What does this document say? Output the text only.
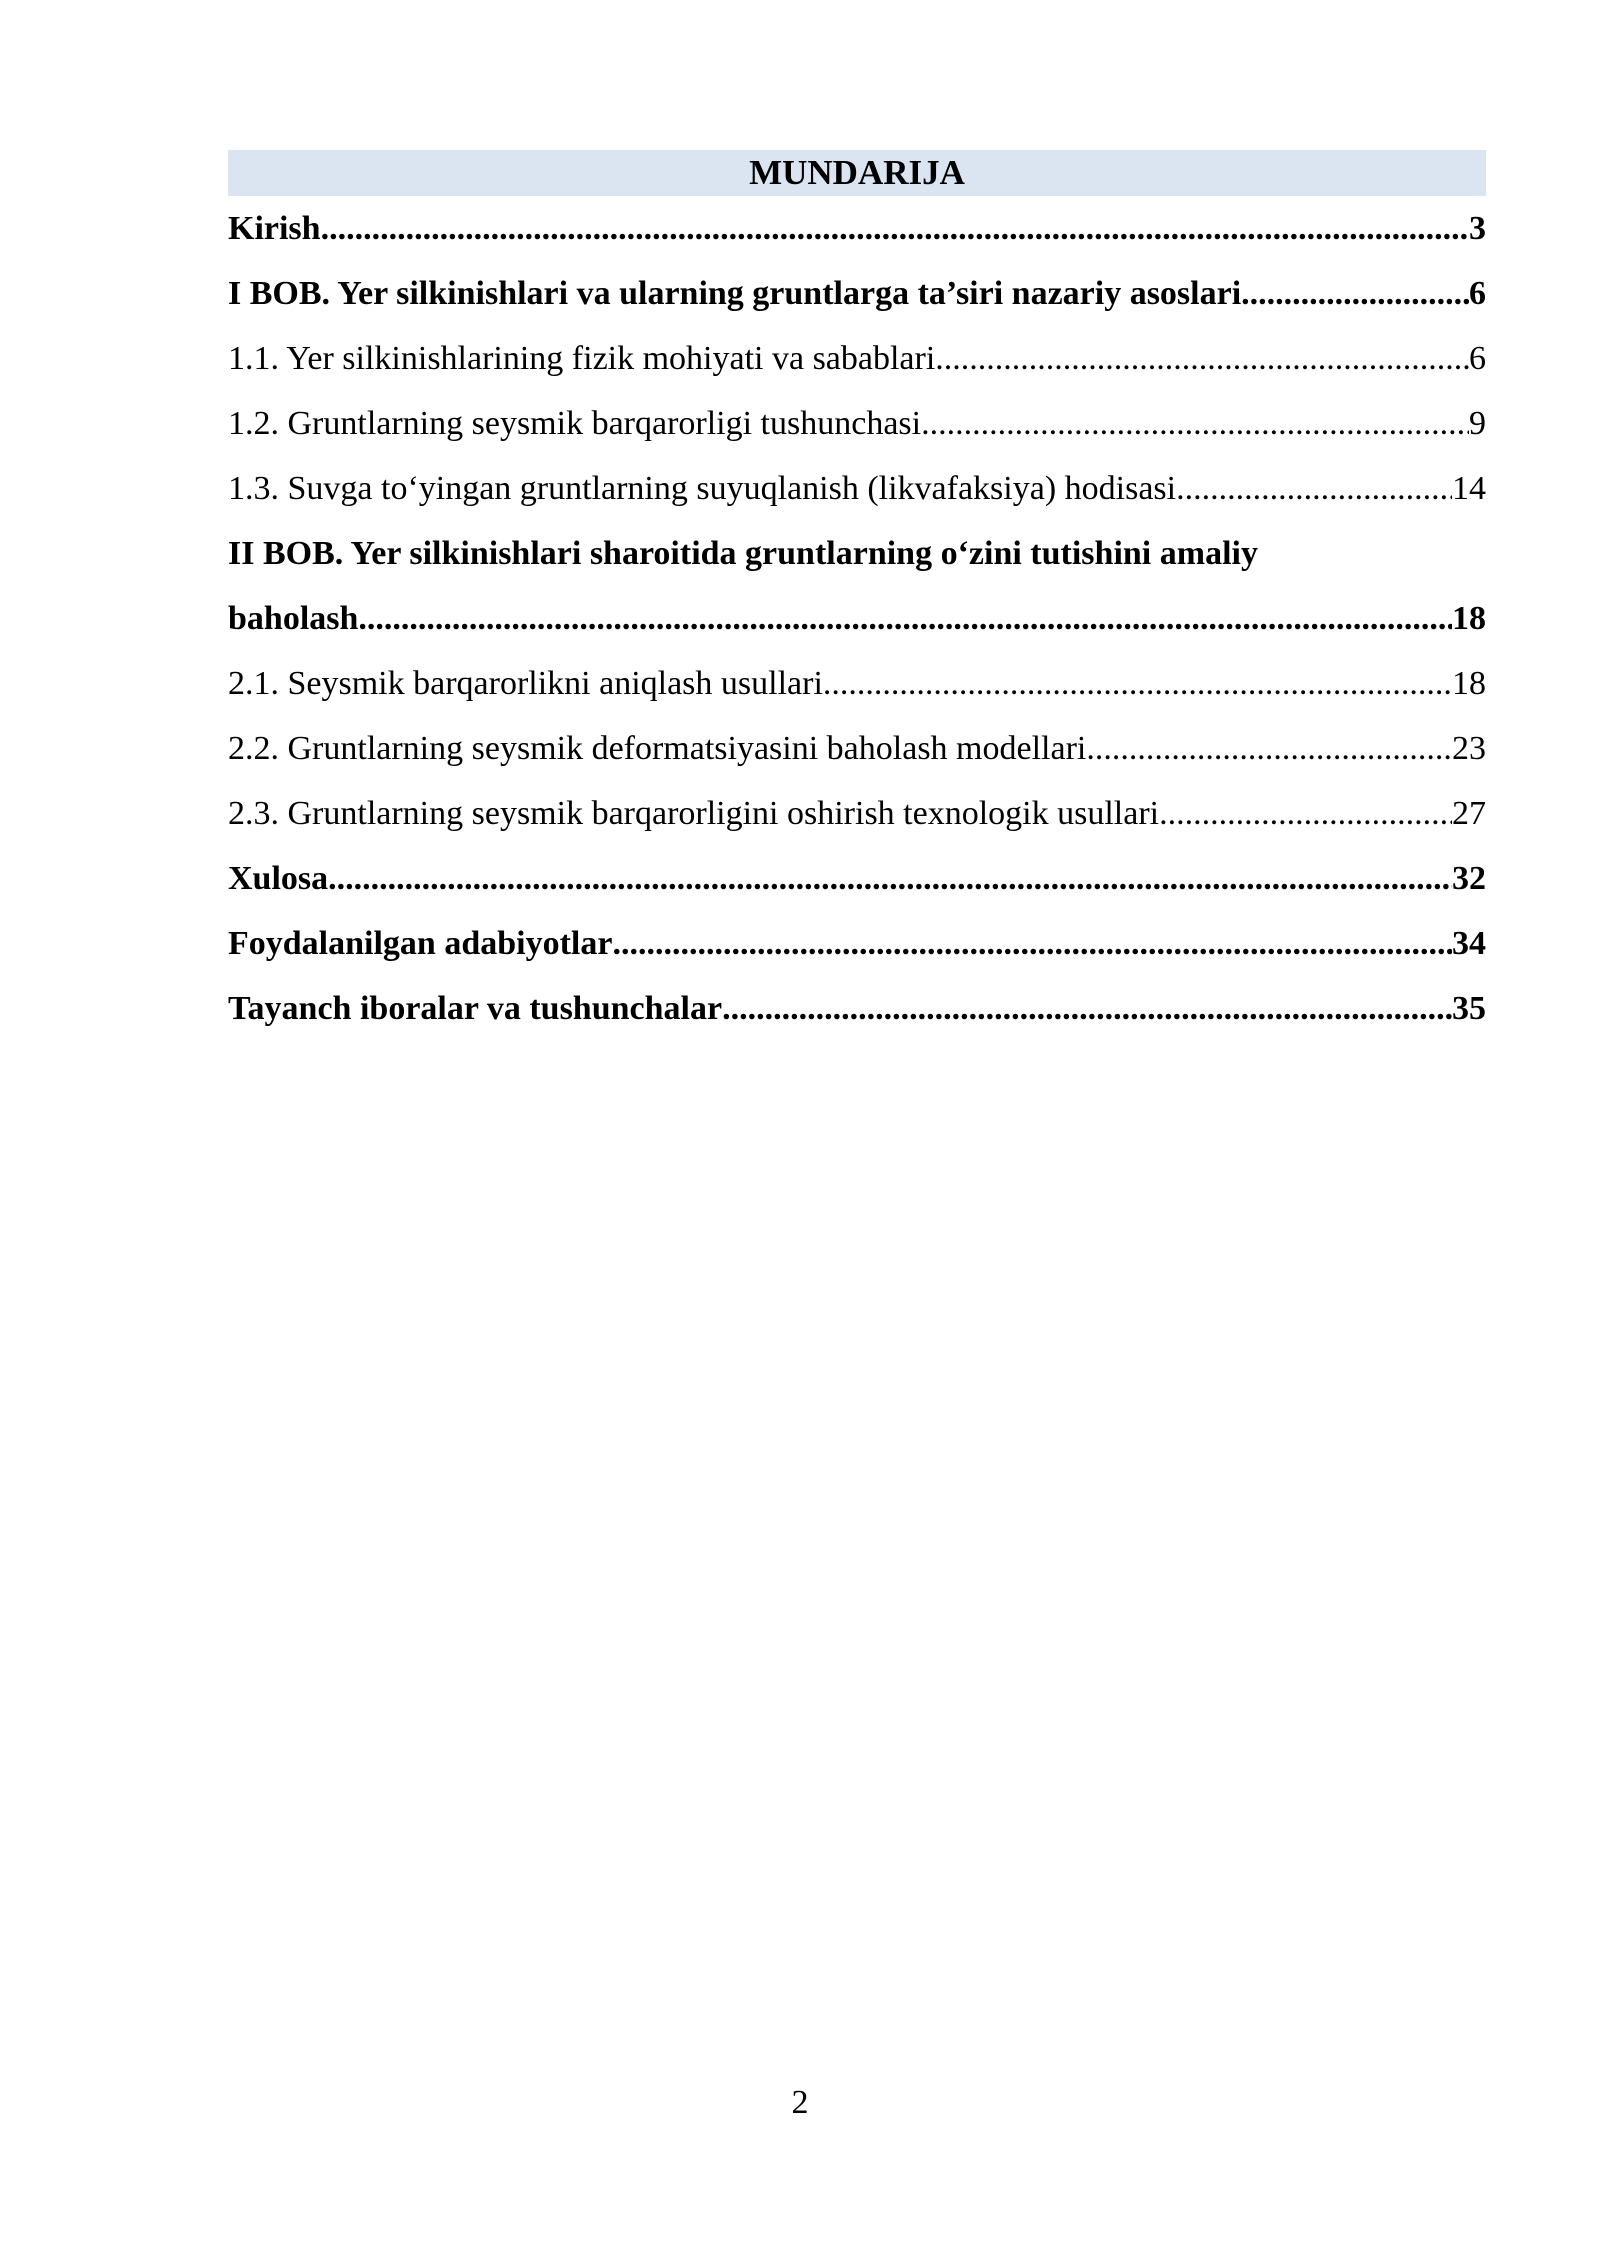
MUNDARIJA
Kirish .....	3
I BOB. Yer silkinishlari va ularning gruntlarga ta’siri nazariy asoslari .....	6
1.1. Yer silkinishlarining fizik mohiyati va sabablari .....	6
1.2. Gruntlarning seysmik barqarorligi tushunchasi .....	9
1.3. Suvga to‘yingan gruntlarning suyuqlanish (likvafaksiya) hodisasi .....	14
II BOB. Yer silkinishlari sharoitida gruntlarning o‘zini tutishini amaliy
baholash .....	18
2.1. Seysmik barqarorlikni aniqlash usullari .....	18
2.2. Gruntlarning seysmik deformatsiyasini baholash modellari .....	23
2.3. Gruntlarning seysmik barqarorligini oshirish texnologik usullari .....	27
Xulosa .....	32
Foydalanilgan adabiyotlar .....	34
Tayanch iboralar va tushunchalar .....	35
2
